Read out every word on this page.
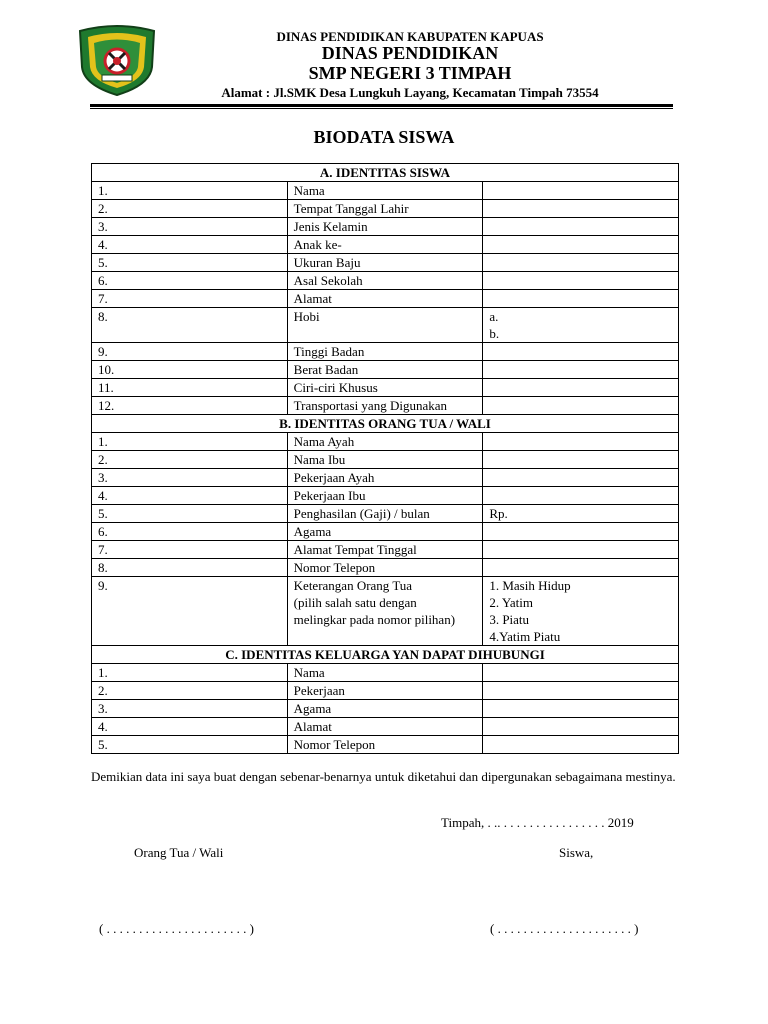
DINAS PENDIDIKAN KABUPATEN KAPUAS
DINAS PENDIDIKAN
SMP NEGERI 3 TIMPAH
Alamat : Jl.SMK Desa Lungkuh Layang, Kecamatan Timpah 73554
BIODATA SISWA
A. IDENTITAS SISWA		
1.	Nama	

2.	Tempat Tanggal Lahir	

3.	Jenis Kelamin	

4.	Anak ke-	

5.	Ukuran Baju	

6.	Asal Sekolah	

7.	Alamat	

8.	Hobi	a.
b.

9.	Tinggi Badan	

10.	Berat Badan	

11.	Ciri-ciri Khusus	

12.	Transportasi yang Digunakan	

B. IDENTITAS ORANG TUA / WALI		
1.	Nama Ayah	

2.	Nama Ibu	

3.	Pekerjaan Ayah	

4.	Pekerjaan Ibu	

5.	Penghasilan (Gaji) / bulan	Rp.

6.	Agama	

7.	Alamat Tempat Tinggal	

8.	Nomor Telepon	

9.	Keterangan Orang Tua
(pilih salah satu dengan
melingkar pada nomor pilihan)	1. Masih Hidup
2. Yatim
3. Piatu
4.Yatim Piatu

C. IDENTITAS KELUARGA YAN DAPAT DIHUBUNGI		
1.	Nama	

2.	Pekerjaan	

3.	Agama	

4.	Alamat	

5.	Nomor Telepon	

Demikian data ini saya buat dengan sebenar-benarnya untuk diketahui dan dipergunakan sebagaimana mestinya.
Timpah, . .. . . . . . . . . . . . . . . . . 2019
Orang Tua / Wali	Siswa,
( . . . . . . . . . . . . . . . . . . . . . . )	( . . . . . . . . . . . . . . . . . . . . . )
